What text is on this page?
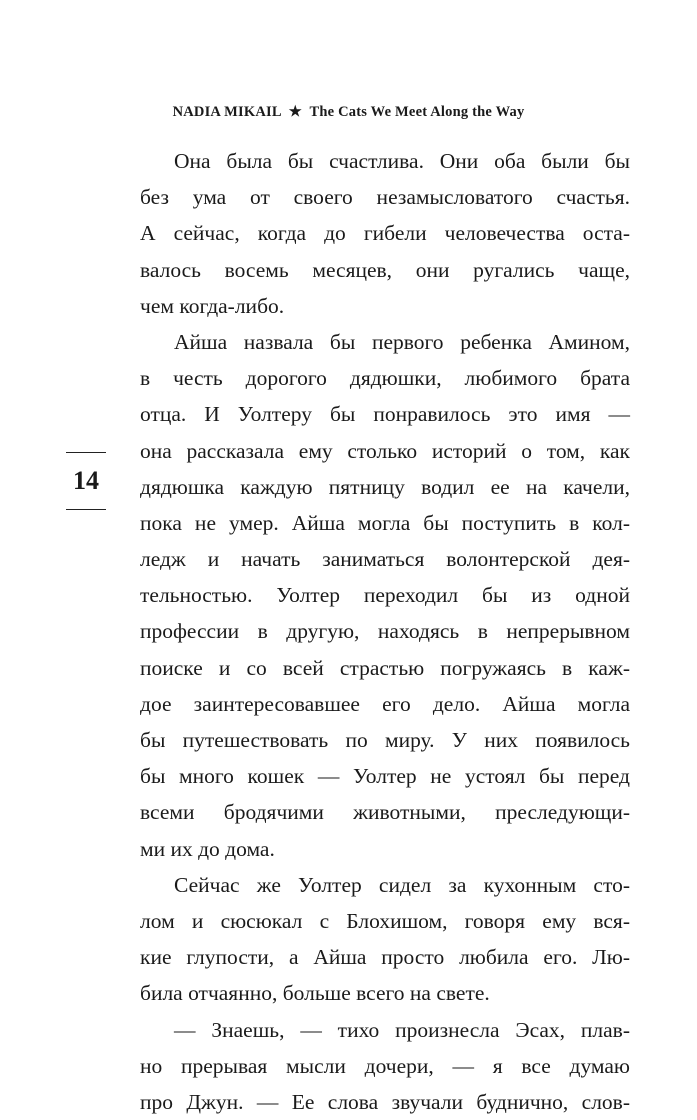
NADIA MIKAIL ★ The Cats We Meet Along the Way
14
Она была бы счастлива. Они оба были бы
без ума от своего незамысловатого счастья.
А сейчас, когда до гибели человечества оста-
валось восемь месяцев, они ругались чаще,
чем когда-либо.
Айша назвала бы первого ребенка Амином,
в честь дорогого дядюшки, любимого брата
отца. И Уолтеру бы понравилось это имя —
она рассказала ему столько историй о том, как
дядюшка каждую пятницу водил ее на качели,
пока не умер. Айша могла бы поступить в кол-
ледж и начать заниматься волонтерской дея-
тельностью. Уолтер переходил бы из одной
профессии в другую, находясь в непрерывном
поиске и со всей страстью погружаясь в каж-
дое заинтересовавшее его дело. Айша могла
бы путешествовать по миру. У них появилось
бы много кошек — Уолтер не устоял бы перед
всеми бродячими животными, преследующи-
ми их до дома.
Сейчас же Уолтер сидел за кухонным сто-
лом и сюсюкал с Блохишом, говоря ему вся-
кие глупости, а Айша просто любила его. Лю-
била отчаянно, больше всего на свете.
— Знаешь, — тихо произнесла Эсах, плав-
но прерывая мысли дочери, — я все думаю
про Джун. — Ее слова звучали буднично, слов-
